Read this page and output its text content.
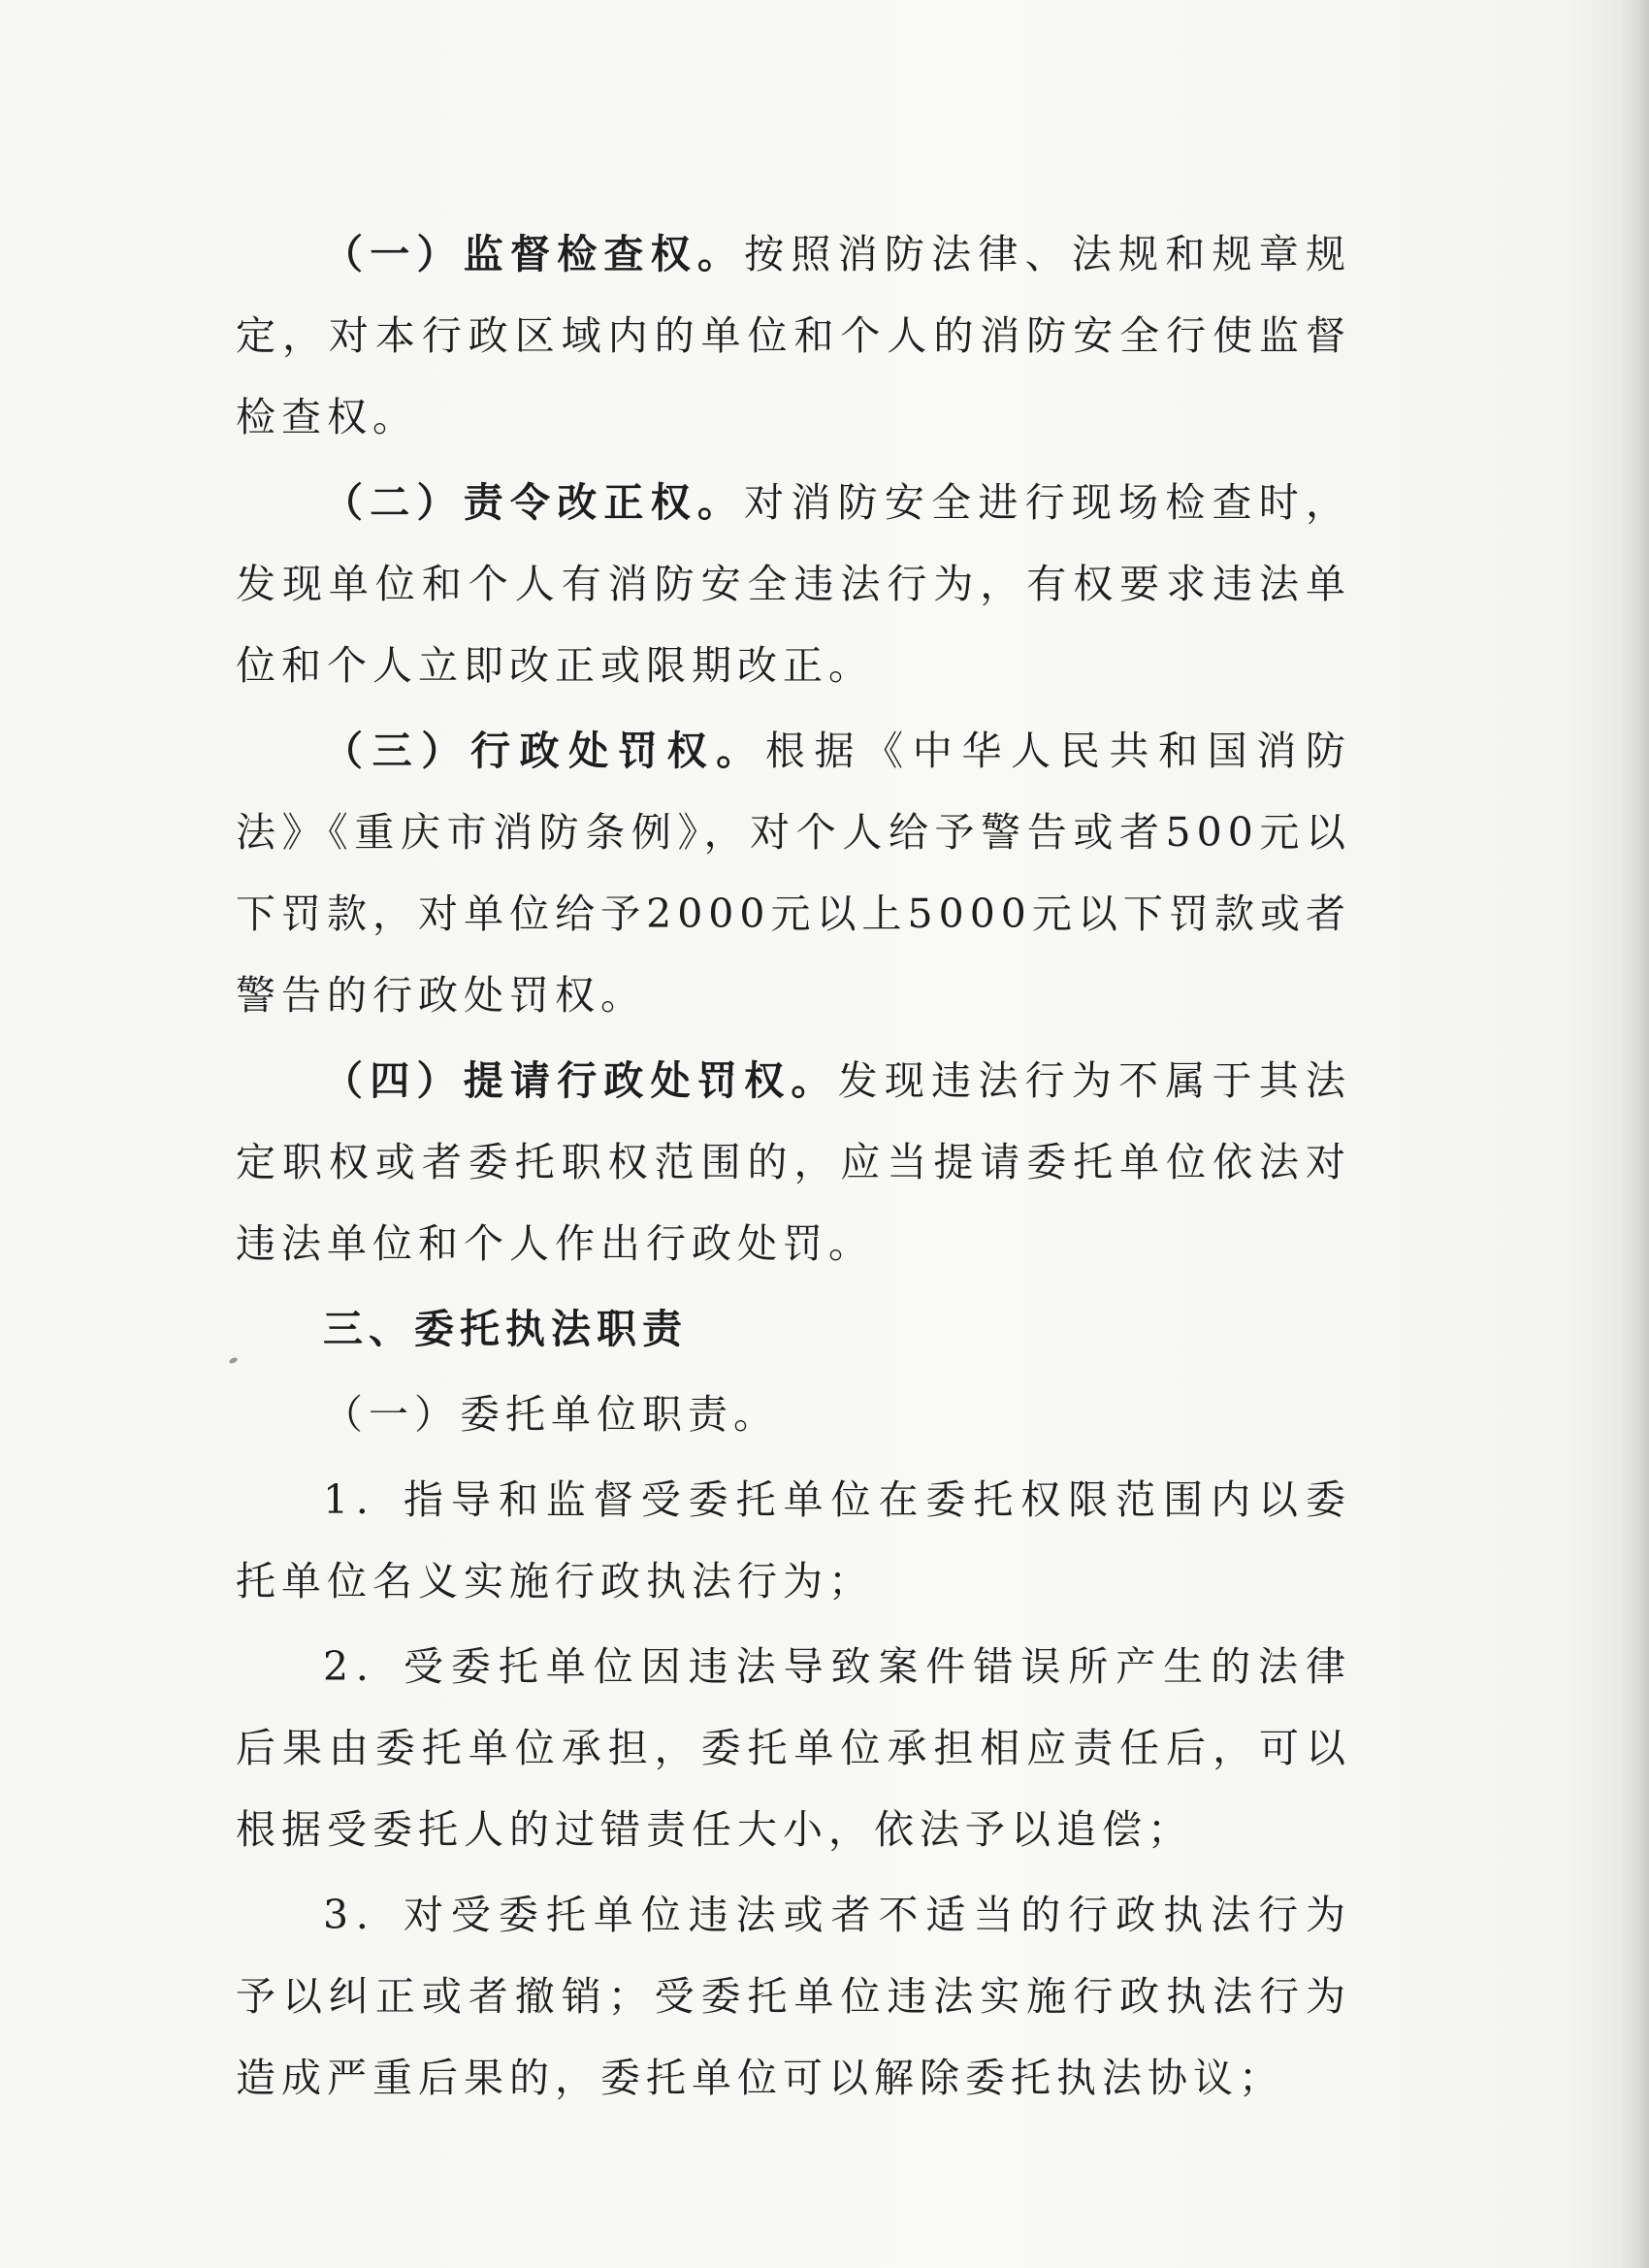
（一）监督检查权。按照消防法律、法规和规章规定，对本行政区域内的单位和个人的消防安全行使监督检查权。

（二）责令改正权。对消防安全进行现场检查时，发现单位和个人有消防安全违法行为，有权要求违法单位和个人立即改正或限期改正。

（三）行政处罚权。根据《中华人民共和国消防法》《重庆市消防条例》，对个人给予警告或者500元以下罚款，对单位给予2000元以上5000元以下罚款或者警告的行政处罚权。

（四）提请行政处罚权。发现违法行为不属于其法定职权或者委托职权范围的，应当提请委托单位依法对违法单位和个人作出行政处罚。

三、委托执法职责

（一）委托单位职责。

1．指导和监督受委托单位在委托权限范围内以委托单位名义实施行政执法行为；

2．受委托单位因违法导致案件错误所产生的法律后果由委托单位承担，委托单位承担相应责任后，可以根据受委托人的过错责任大小，依法予以追偿；

3．对受委托单位违法或者不适当的行政执法行为予以纠正或者撤销；受委托单位违法实施行政执法行为造成严重后果的，委托单位可以解除委托执法协议；
